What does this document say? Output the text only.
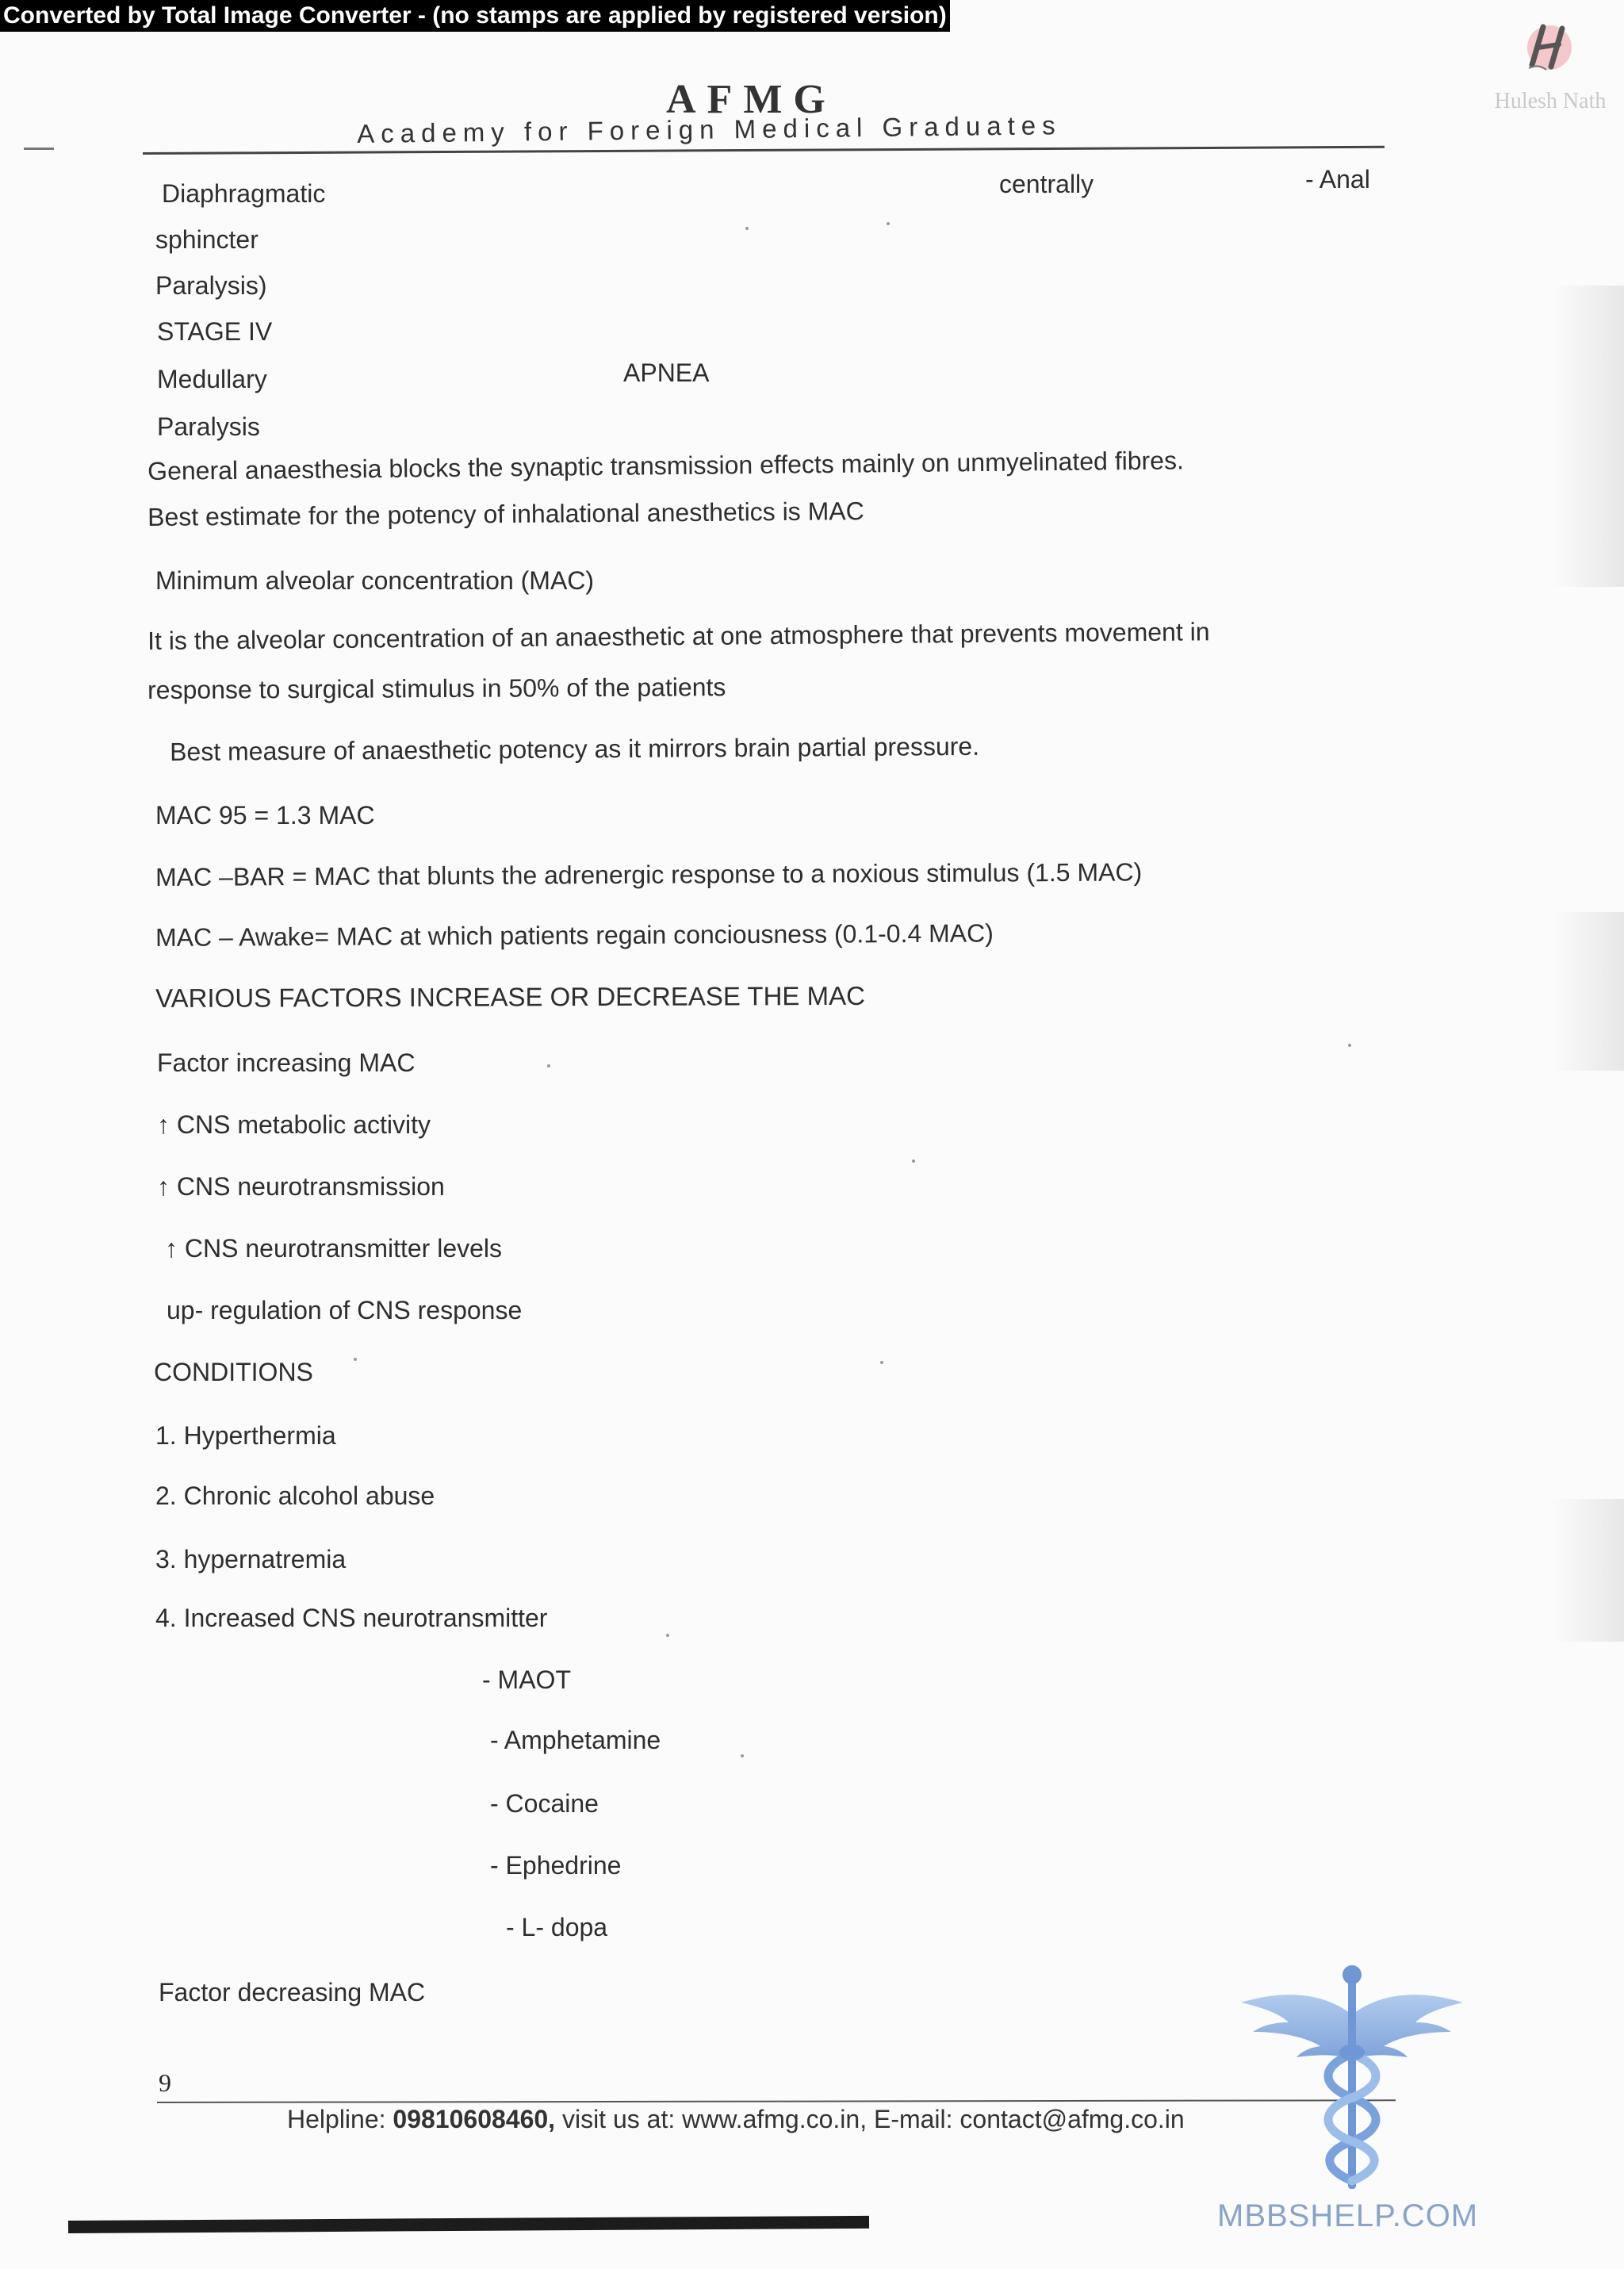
Converted by Total Image Converter - (no stamps are applied by registered version)
Hulesh Nath
AFMG
Academy for Foreign Medical Graduates
Diaphragmatic
sphincter
Paralysis)
STAGE IV
Medullary
Paralysis
centrally
APNEA
- Anal
General anaesthesia blocks the synaptic transmission effects mainly on unmyelinated fibres.
Best estimate for the potency of inhalational anesthetics is MAC
Minimum alveolar concentration (MAC)
It is the alveolar concentration of an anaesthetic at one atmosphere that prevents movement in
response to surgical stimulus in 50% of the patients
Best measure of anaesthetic potency as it mirrors brain partial pressure.
MAC 95 = 1.3 MAC
MAC –BAR = MAC that blunts the adrenergic response to a noxious stimulus (1.5 MAC)
MAC – Awake= MAC at which patients regain conciousness (0.1-0.4 MAC)
VARIOUS FACTORS INCREASE OR DECREASE THE MAC
Factor increasing MAC
↑ CNS metabolic activity
↑ CNS neurotransmission
↑ CNS neurotransmitter levels
up- regulation of CNS response
CONDITIONS
1. Hyperthermia
2. Chronic alcohol abuse
3. hypernatremia
4. Increased CNS neurotransmitter
- MAOT
- Amphetamine
- Cocaine
- Ephedrine
- L- dopa
Factor decreasing MAC
9
Helpline: 09810608460, visit us at: www.afmg.co.in, E-mail: contact@afmg.co.in
MBBSHELP.COM
